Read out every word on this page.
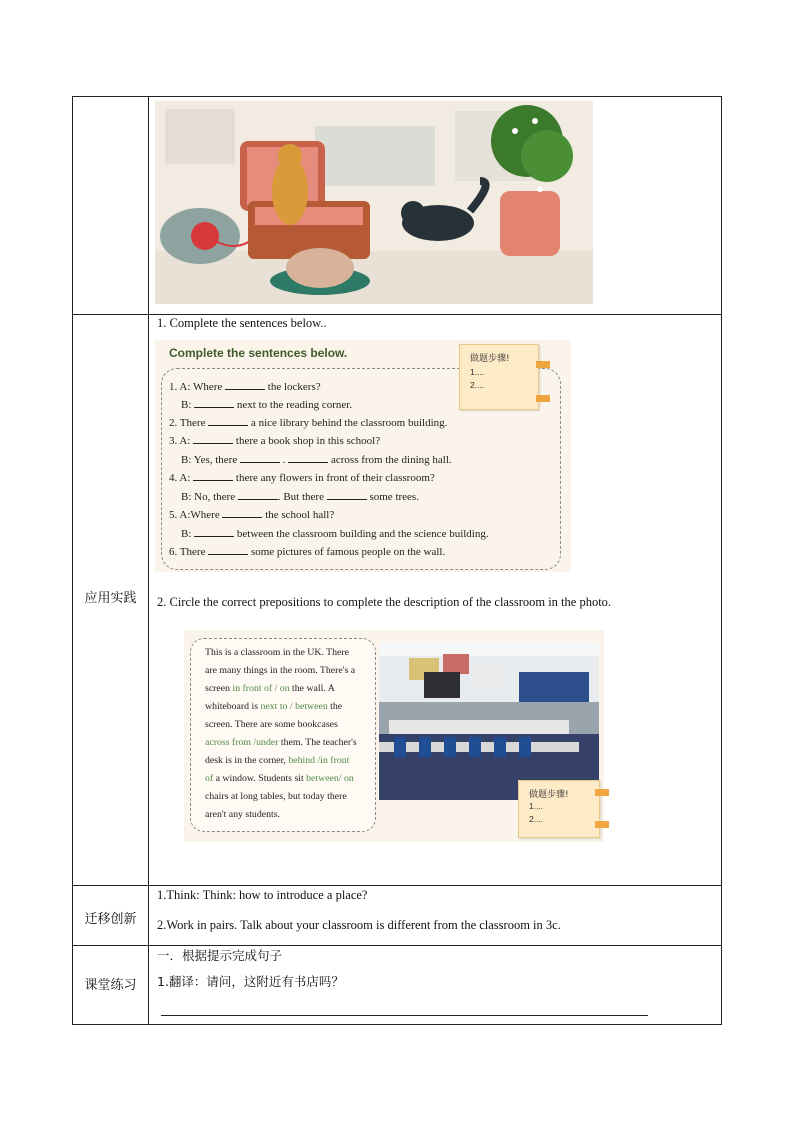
应用实践
1. Complete the sentences below..
Complete the sentences below.
1. A: Where	the lockers?
B:	next to the reading corner.
2. There	a nice library behind the classroom building.
3. A:	there a book shop in this school?
B: Yes, there	.	across from the dining hall.
4. A:	there any flowers in front of their classroom?
B: No, there	. But there	some trees.
5. A:Where	the school hall?
B:	between the classroom building and the science building.
6. There	some pictures of famous people on the wall.
做题步骤!
1....
2....
2. Circle the correct prepositions to complete the description of the classroom in the photo.
This is a classroom in the UK. There
are many things in the room. There's a
screen in front of / on the wall. A
whiteboard is next to / between the
screen. There are some bookcases
across from /under them. The teacher's
desk is in the corner, behind /in front
of a window. Students sit between/ on
chairs at long tables, but today there
aren't any students.
做题步骤!
1....
2....
迁移创新
1.Think: Think: how to introduce a place?
2.Work in pairs. Talk about your classroom is different from the classroom in 3c.
课堂练习
一．根据提示完成句子
1.翻译：请问，这附近有书店吗？
